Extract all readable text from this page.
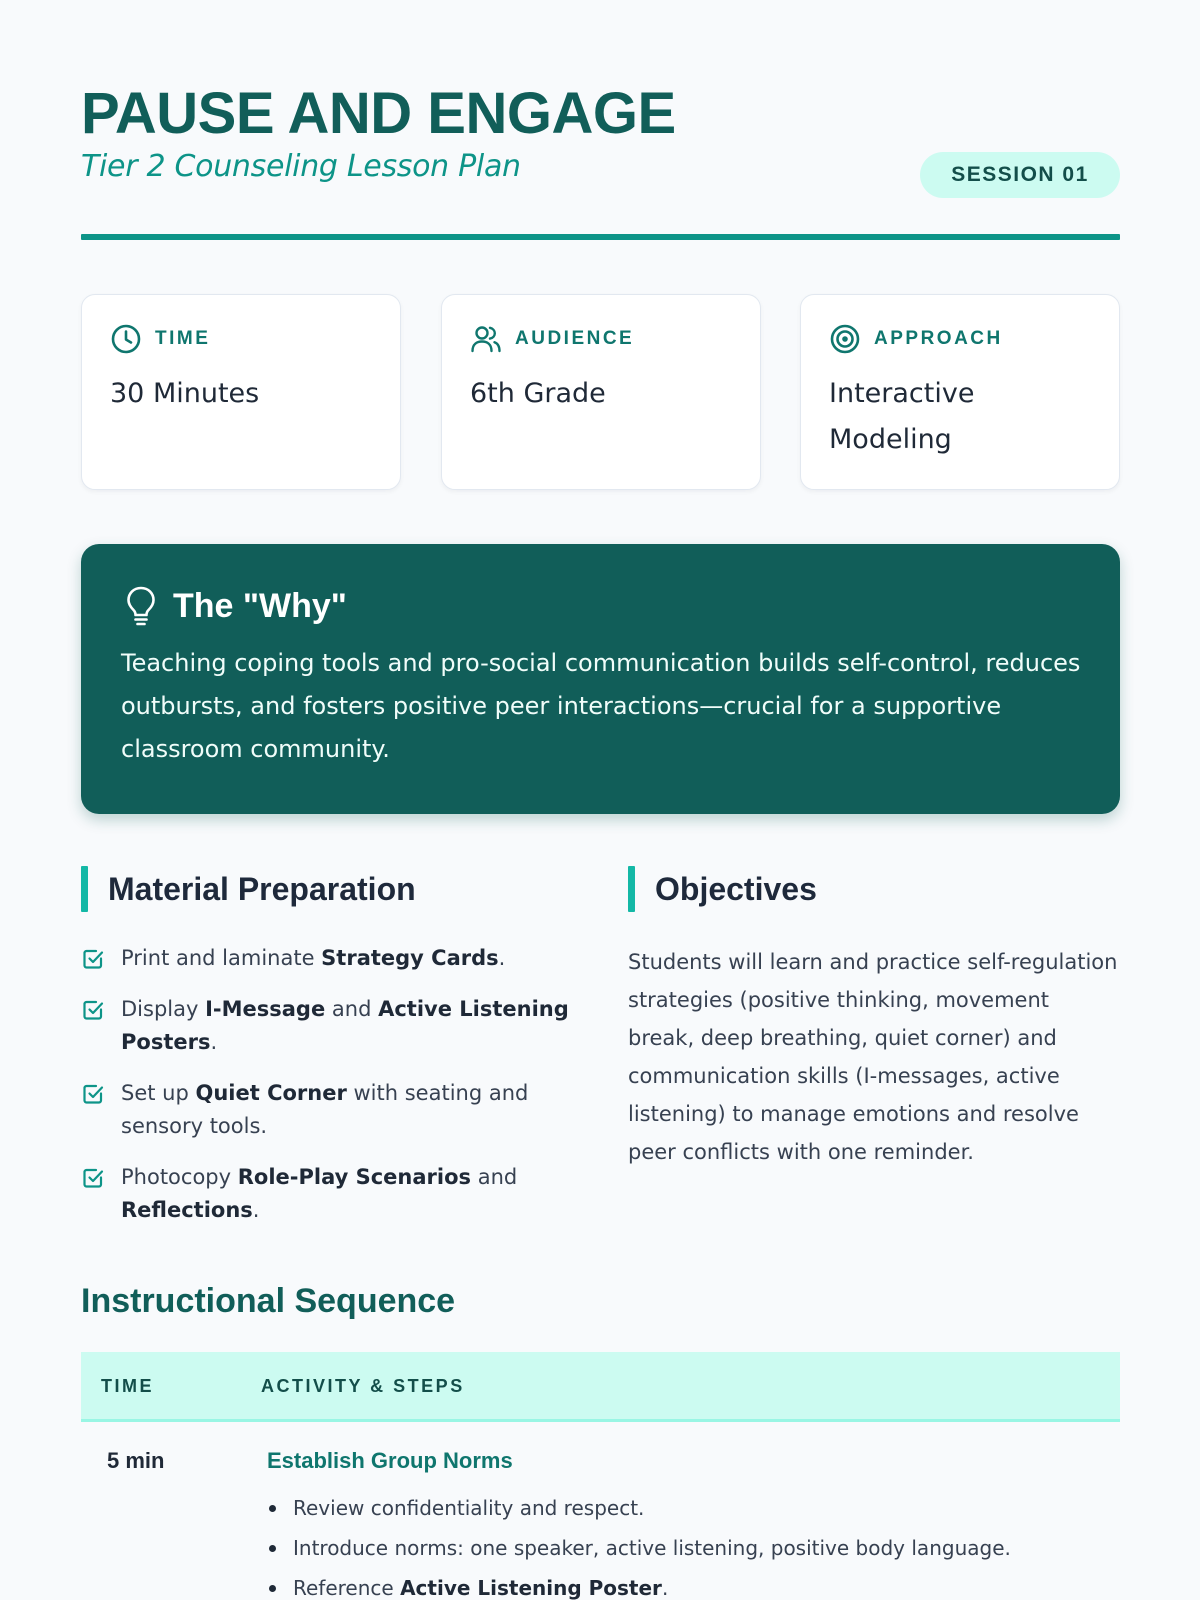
PAUSE AND ENGAGE
Tier 2 Counseling Lesson Plan	SESSION 01
TIME
30 Minutes
AUDIENCE
6th Grade
APPROACH
Interactive Modeling
The "Why"
Teaching coping tools and pro-social communication builds self-control, reduces outbursts, and fosters positive peer interactions—crucial for a supportive classroom community.
Material Preparation
Print and laminate Strategy Cards.
Display I-Message and Active Listening Posters.
Set up Quiet Corner with seating and sensory tools.
Photocopy Role-Play Scenarios and Reflections.
Objectives
Students will learn and practice self-regulation strategies (positive thinking, movement break, deep breathing, quiet corner) and communication skills (I-messages, active listening) to manage emotions and resolve peer conflicts with one reminder.
Instructional Sequence
TIME	ACTIVITY & STEPS
5 min	Establish Group Norms
Review confidentiality and respect.
Introduce norms: one speaker, active listening, positive body language.
Reference Active Listening Poster.
